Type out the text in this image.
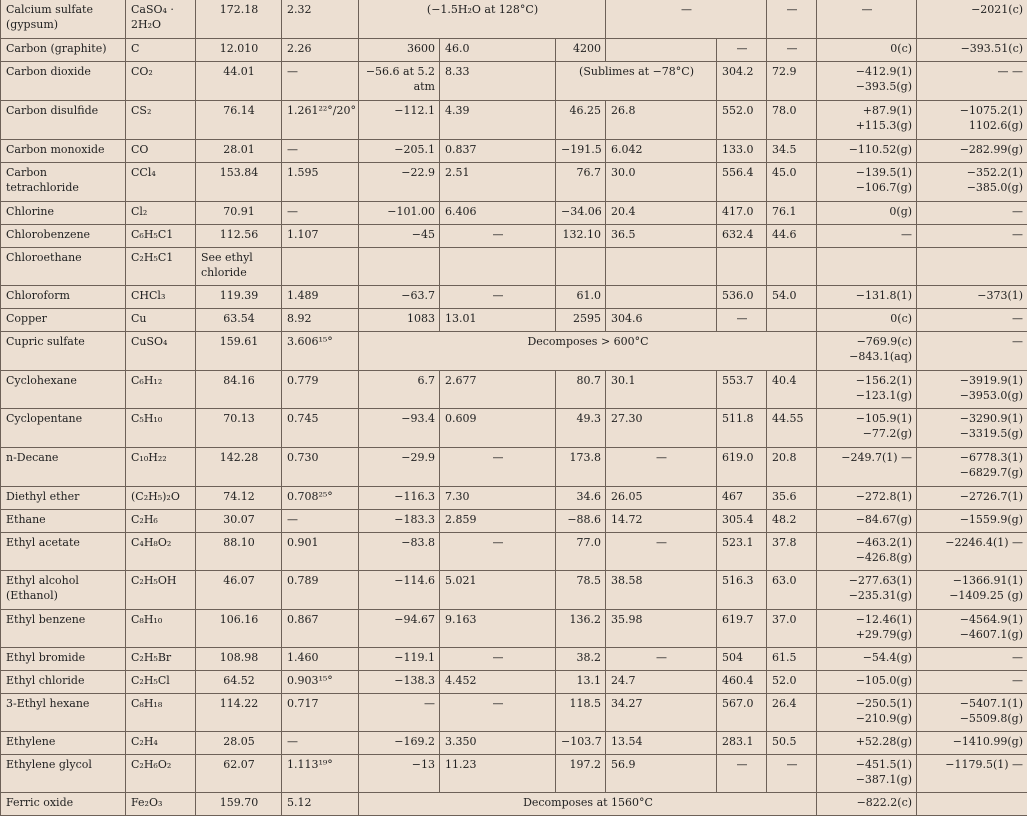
Calcium sulfate (gypsum)	CaSO₄ · 2H₂O	172.18	2.32	(−1.5H₂O at 128°C)			—		—	—	−2021(c)	
Carbon (graphite)	C	12.010	2.26	3600	46.0	4200		—	—	0(c)	−393.51(c)	
Carbon dioxide	CO₂	44.01	—	−56.6 at 5.2 atm	8.33	(Sublimes at −78°C)		304.2	72.9	−412.9(1) −393.5(g)	— —	
Carbon disulfide	CS₂	76.14	1.261²²°/20°	−112.1	4.39	46.25	26.8	552.0	78.0	+87.9(1) +115.3(g)	−1075.2(1) 1102.6(g)	
Carbon monoxide	CO	28.01	—	−205.1	0.837	−191.5	6.042	133.0	34.5	−110.52(g)	−282.99(g)	
Carbon tetrachloride	CCl₄	153.84	1.595	−22.9	2.51	76.7	30.0	556.4	45.0	−139.5(1) −106.7(g)	−352.2(1) −385.0(g)	
Chlorine	Cl₂	70.91	—	−101.00	6.406	−34.06	20.4	417.0	76.1	0(g)	—	
Chlorobenzene	C₆H₅C1	112.56	1.107	−45	—	132.10	36.5	632.4	44.6	—	—	
Chloroethane	C₂H₅C1	See ethyl chloride										
Chloroform	CHCl₃	119.39	1.489	−63.7	—	61.0		536.0	54.0	−131.8(1)	−373(1)	
Copper	Cu	63.54	8.92	1083	13.01	2595	304.6	—		0(c)	—	
Cupric sulfate	CuSO₄	159.61	3.606¹⁵°	Decomposes > 600°C						−769.9(c) −843.1(aq)	—	
Cyclohexane	C₆H₁₂	84.16	0.779	6.7	2.677	80.7	30.1	553.7	40.4	−156.2(1) −123.1(g)	−3919.9(1) −3953.0(g)	
Cyclopentane	C₅H₁₀	70.13	0.745	−93.4	0.609	49.3	27.30	511.8	44.55	−105.9(1) −77.2(g)	−3290.9(1) −3319.5(g)	
n-Decane	C₁₀H₂₂	142.28	0.730	−29.9	—	173.8	—	619.0	20.8	−249.7(1) —	−6778.3(1) −6829.7(g)	
Diethyl ether	(C₂H₅)₂O	74.12	0.708²⁵°	−116.3	7.30	34.6	26.05	467	35.6	−272.8(1)	−2726.7(1)	
Ethane	C₂H₆	30.07	—	−183.3	2.859	−88.6	14.72	305.4	48.2	−84.67(g)	−1559.9(g)	
Ethyl acetate	C₄H₈O₂	88.10	0.901	−83.8	—	77.0	—	523.1	37.8	−463.2(1) −426.8(g)	−2246.4(1) —	
Ethyl alcohol (Ethanol)	C₂H₅OH	46.07	0.789	−114.6	5.021	78.5	38.58	516.3	63.0	−277.63(1) −235.31(g)	−1366.91(1) −1409.25 (g)	
Ethyl benzene	C₈H₁₀	106.16	0.867	−94.67	9.163	136.2	35.98	619.7	37.0	−12.46(1) +29.79(g)	−4564.9(1) −4607.1(g)	
Ethyl bromide	C₂H₅Br	108.98	1.460	−119.1	—	38.2	—	504	61.5	−54.4(g)	—	
Ethyl chloride	C₂H₅Cl	64.52	0.903¹⁵°	−138.3	4.452	13.1	24.7	460.4	52.0	−105.0(g)	—	
3-Ethyl hexane	C₈H₁₈	114.22	0.717	—	—	118.5	34.27	567.0	26.4	−250.5(1) −210.9(g)	−5407.1(1) −5509.8(g)	
Ethylene	C₂H₄	28.05	—	−169.2	3.350	−103.7	13.54	283.1	50.5	+52.28(g)	−1410.99(g)	
Ethylene glycol	C₂H₆O₂	62.07	1.113¹⁹°	−13	11.23	197.2	56.9	—	—	−451.5(1) −387.1(g)	−1179.5(1) —	
Ferric oxide	Fe₂O₃	159.70	5.12	Decomposes at 1560°C						−822.2(c)		
